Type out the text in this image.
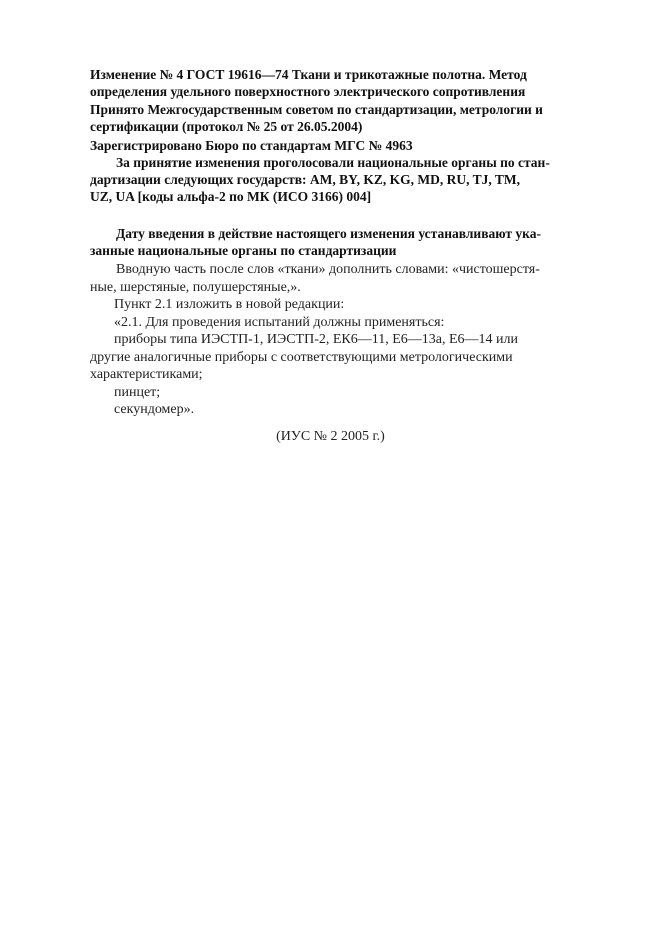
Изменение № 4 ГОСТ 19616—74 Ткани и трикотажные полотна. Метод
определения удельного поверхностного электрического сопротивления
Принято Межгосударственным советом по стандартизации, метрологии и
сертификации (протокол № 25 от 26.05.2004)
Зарегистрировано Бюро по стандартам МГС № 4963
За принятие изменения проголосовали национальные органы по стан-
дартизации следующих государств: AM, BY, KZ, KG, MD, RU, TJ, TM,
UZ, UA [коды альфа-2 по МК (ИСО 3166) 004]
Дату введения в действие настоящего изменения устанавливают ука-
занные национальные органы по стандартизации
Вводную часть после слов «ткани» дополнить словами: «чистошерстя-
ные, шерстяные, полушерстяные,».
Пункт 2.1 изложить в новой редакции:
«2.1. Для проведения испытаний должны применяться:
приборы типа ИЭСТП-1, ИЭСТП-2, ЕК6—11, Е6—13а, Е6—14 или
другие аналогичные приборы с соответствующими метрологическими
характеристиками;
пинцет;
секундомер».
(ИУС № 2 2005 г.)
